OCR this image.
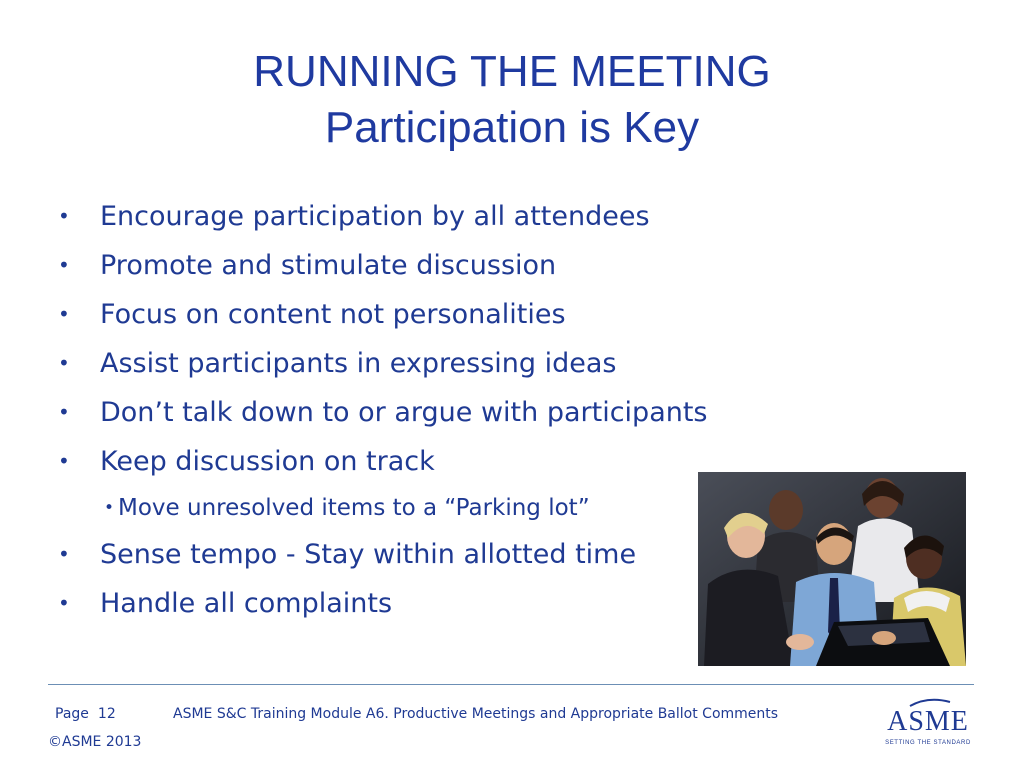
RUNNING THE MEETING
Participation is Key
• Encourage participation by all attendees
• Promote and stimulate discussion
• Focus on content not personalities
• Assist participants in expressing ideas
• Don’t talk down to or argue with participants
• Keep discussion on track
• Move unresolved items to a “Parking lot”
• Sense tempo - Stay within allotted time
• Handle all complaints
Page 12	ASME S&C Training Module A6. Productive Meetings and Appropriate Ballot Comments
©ASME 2013
ASME
SETTING THE STANDARD
